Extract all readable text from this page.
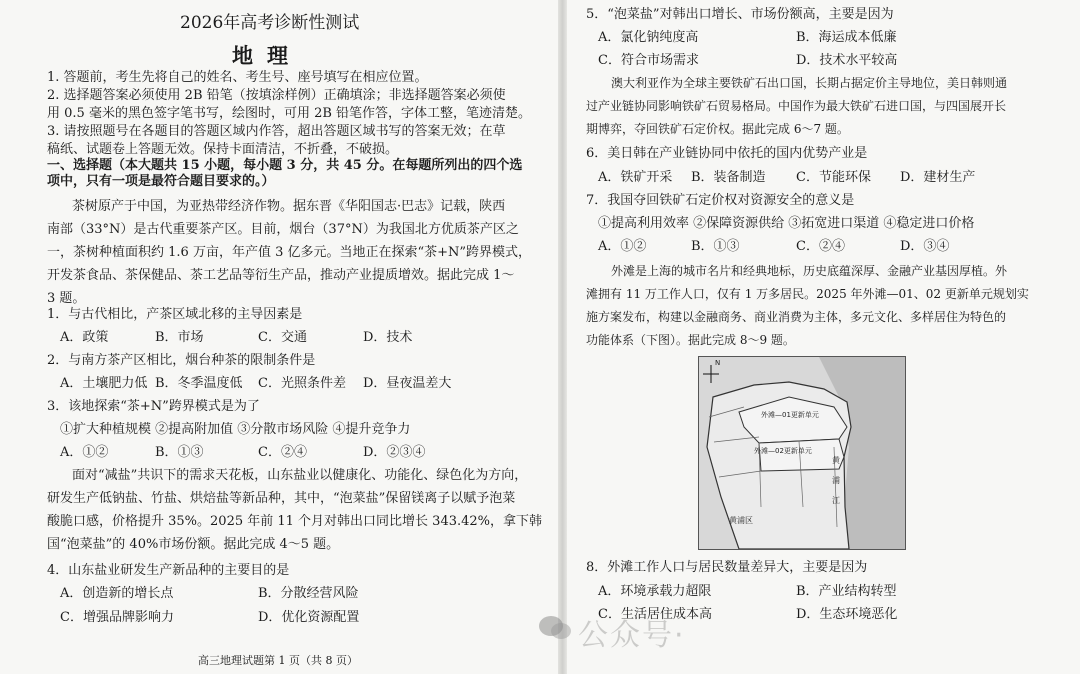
2026年高考诊断性测试
地理
1. 答题前，考生先将自己的姓名、考生号、座号填写在相应位置。
2. 选择题答案必须使用 2B 铅笔（按填涂样例）正确填涂；非选择题答案必须使
用 0.5 毫米的黑色签字笔书写，绘图时，可用 2B 铅笔作答，字体工整，笔迹清楚。
3. 请按照题号在各题目的答题区域内作答，超出答题区域书写的答案无效；在草
稿纸、试题卷上答题无效。保持卡面清洁，不折叠，不破损。
一、选择题（本大题共 15 小题，每小题 3 分，共 45 分。在每题所列出的四个选
项中，只有一项是最符合题目要求的。）
茶树原产于中国，为亚热带经济作物。据东晋《华阳国志·巴志》记载，陕西
南部（33°N）是古代重要茶产区。目前，烟台（37°N）为我国北方优质茶产区之
一，茶树种植面积约 1.6 万亩，年产值 3 亿多元。当地正在探索“茶+N”跨界模式，
开发茶食品、茶保健品、茶工艺品等衍生产品，推动产业提质增效。据此完成 1～
3 题。
1．与古代相比，产茶区域北移的主导因素是
A．政策	B．市场	C．交通	D．技术
2．与南方茶产区相比，烟台种茶的限制条件是
A．土壤肥力低 B．冬季温度低 C．光照条件差 D．昼夜温差大
3．该地探索“茶+N”跨界模式是为了
①扩大种植规模 ②提高附加值 ③分散市场风险 ④提升竞争力
A．①②	B．①③	C．②④	D．②③④
面对“减盐”共识下的需求天花板，山东盐业以健康化、功能化、绿色化为方向，
研发生产低钠盐、竹盐、烘焙盐等新品种，其中，“泡菜盐”保留镁离子以赋予泡菜
酸脆口感，价格提升 35%。2025 年前 11 个月对韩出口同比增长 343.42%，拿下韩
国“泡菜盐”的 40%市场份额。据此完成 4～5 题。
4．山东盐业研发生产新品种的主要目的是
A．创造新的增长点	B．分散经营风险
C．增强品牌影响力	D．优化资源配置
高三地理试题第 1 页（共 8 页）
5．“泡菜盐”对韩出口增长、市场份额高，主要是因为
A．氯化钠纯度高	B．海运成本低廉
C．符合市场需求	D．技术水平较高
澳大利亚作为全球主要铁矿石出口国，长期占据定价主导地位，美日韩则通
过产业链协同影响铁矿石贸易格局。中国作为最大铁矿石进口国，与四国展开长
期博弈，夺回铁矿石定价权。据此完成 6～7 题。
6．美日韩在产业链协同中依托的国内优势产业是
A．铁矿开采 B．装备制造 C．节能环保 D．建材生产
7．我国夺回铁矿石定价权对资源安全的意义是
①提高利用效率 ②保障资源供给 ③拓宽进口渠道 ④稳定进口价格
A．①②	B．①③	C．②④	D．③④
外滩是上海的城市名片和经典地标，历史底蕴深厚、金融产业基因厚植。外
滩拥有 11 万工作人口，仅有 1 万多居民。2025 年外滩—01、02 更新单元规划实
施方案发布，构建以金融商务、商业消费为主体，多元文化、多样居住为特色的
功能体系（下图）。据此完成 8～9 题。
N
外滩—01更新单元
外滩—02更新单元
黄浦区
黄
浦
江
8．外滩工作人口与居民数量差异大，主要是因为
A．环境承载力超限	B．产业结构转型
C．生活居住成本高	D．生态环境恶化
公众号·
